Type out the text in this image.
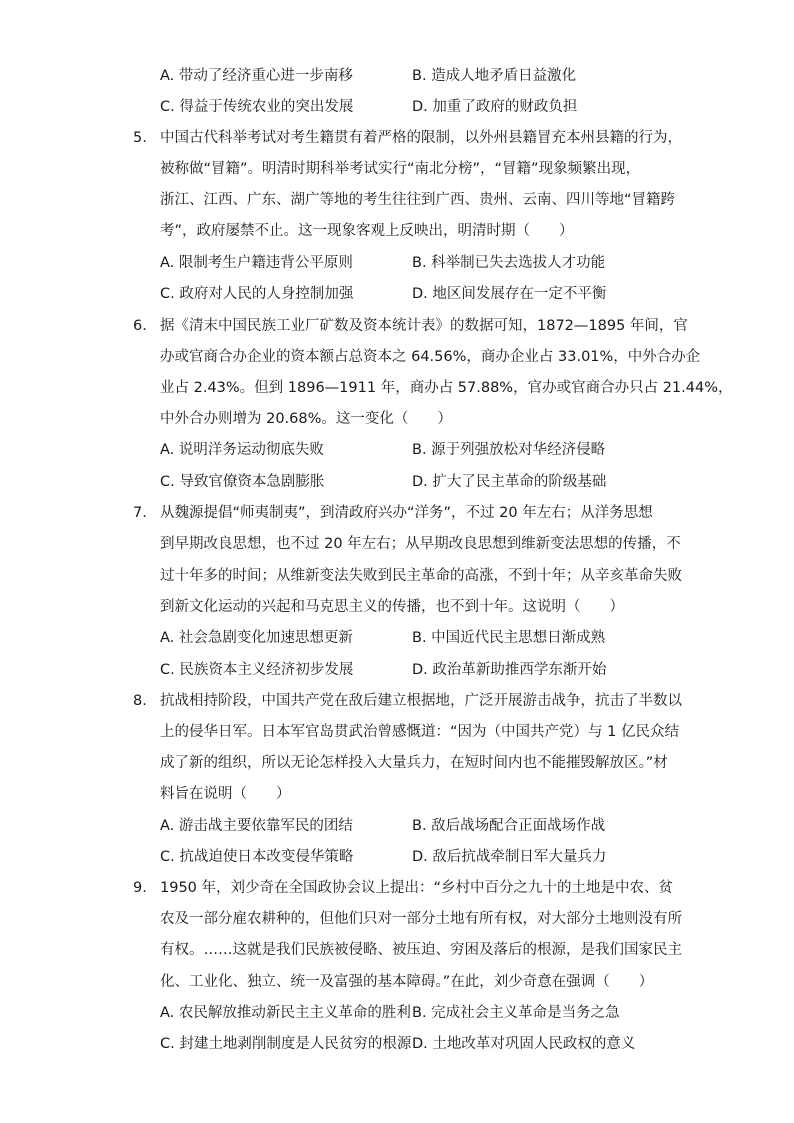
A. 带动了经济重心进一步南移	B. 造成人地矛盾日益激化
C. 得益于传统农业的突出发展	D. 加重了政府的财政负担
5. 中国古代科举考试对考生籍贯有着严格的限制，以外州县籍冒充本州县籍的行为，
被称做“冒籍”。明清时期科举考试实行“南北分榜”，“冒籍”现象频繁出现，
浙江、江西、广东、湖广等地的考生往往到广西、贵州、云南、四川等地“冒籍跨
考”，政府屡禁不止。这一现象客观上反映出，明清时期（　　）
A. 限制考生户籍违背公平原则	B. 科举制已失去选拔人才功能
C. 政府对人民的人身控制加强	D. 地区间发展存在一定不平衡
6. 据《清末中国民族工业厂矿数及资本统计表》的数据可知，1872—1895 年间，官
办或官商合办企业的资本额占总资本之 64.56%，商办企业占 33.01%，中外合办企
业占 2.43%。但到 1896—1911 年，商办占 57.88%，官办或官商合办只占 21.44%，
中外合办则增为 20.68%。这一变化（　　）
A. 说明洋务运动彻底失败	B. 源于列强放松对华经济侵略
C. 导致官僚资本急剧膨胀	D. 扩大了民主革命的阶级基础
7. 从魏源提倡“师夷制夷”，到清政府兴办“洋务”，不过 20 年左右；从洋务思想
到早期改良思想，也不过 20 年左右；从早期改良思想到维新变法思想的传播，不
过十年多的时间；从维新变法失败到民主革命的高涨，不到十年；从辛亥革命失败
到新文化运动的兴起和马克思主义的传播，也不到十年。这说明（　　）
A. 社会急剧变化加速思想更新	B. 中国近代民主思想日渐成熟
C. 民族资本主义经济初步发展	D. 政治革新助推西学东渐开始
8. 抗战相持阶段，中国共产党在敌后建立根据地，广泛开展游击战争，抗击了半数以
上的侵华日军。日本军官岛贯武治曾感慨道：“因为（中国共产党）与 1 亿民众结
成了新的组织，所以无论怎样投入大量兵力，在短时间内也不能摧毁解放区。”材
料旨在说明（　　）
A. 游击战主要依靠军民的团结	B. 敌后战场配合正面战场作战
C. 抗战迫使日本改变侵华策略	D. 敌后抗战牵制日军大量兵力
9. 1950 年，刘少奇在全国政协会议上提出：“乡村中百分之九十的土地是中农、贫
农及一部分雇农耕种的，但他们只对一部分土地有所有权，对大部分土地则没有所
有权。……这就是我们民族被侵略、被压迫、穷困及落后的根源，是我们国家民主
化、工业化、独立、统一及富强的基本障碍。”在此，刘少奇意在强调（　　）
A. 农民解放推动新民主主义革命的胜利 B. 完成社会主义革命是当务之急
C. 封建土地剥削制度是人民贫穷的根源 D. 土地改革对巩固人民政权的意义
